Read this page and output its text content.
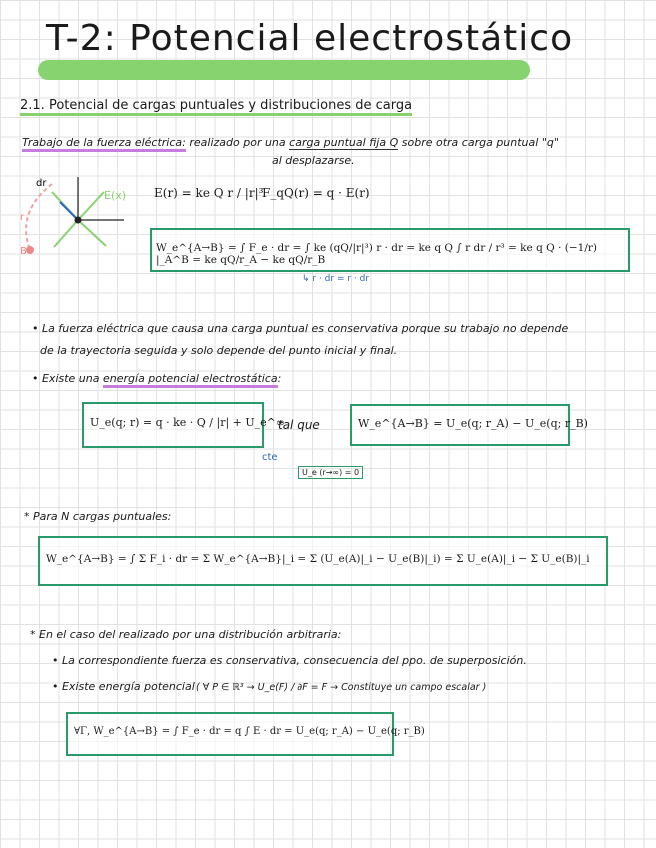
T-2: Potencial electrostático
2.1. Potencial de cargas puntuales y distribuciones de carga
Trabajo de la fuerza eléctrica: realizado por una carga puntual fija Q sobre otra carga puntual "q"
al desplazarse.
dr
r
B
E(x) E(r) = ke Q r / |r|³
F_qQ(r) = q · E(r)
W_e^{A→B} = ∫ F_e · dr = ∫ ke (qQ/|r|³) r · dr = ke q Q ∫ r dr / r³ = ke q Q · (−1/r) |_A^B = ke qQ/r_A − ke qQ/r_B
↳ r · dr = r · dr
• La fuerza eléctrica que causa una carga puntual es conservativa porque su trabajo no depende
de la trayectoria seguida y solo depende del punto inicial y final.
• Existe una energía potencial electrostática:
U_e(q; r) = q · ke · Q / |r| + U_e^∞
tal que	W_e^{A→B} = U_e(q; r_A) − U_e(q; r_B)
cte
U_e (r→∞) = 0
* Para N cargas puntuales:
W_e^{A→B} = ∫ Σ F_i · dr = Σ W_e^{A→B}|_i = Σ (U_e(A)|_i − U_e(B)|_i) = Σ U_e(A)|_i − Σ U_e(B)|_i
* En el caso del realizado por una distribución arbitraria:
• La correspondiente fuerza es conservativa, consecuencia del ppo. de superposición.
• Existe energía potencial ( ∀ P ∈ ℝ³ → U_e(F) / ∂F = F → Constituye un campo escalar )
∀Γ, W_e^{A→B} = ∫ F_e · dr = q ∫ E · dr = U_e(q; r_A) − U_e(q; r_B)
